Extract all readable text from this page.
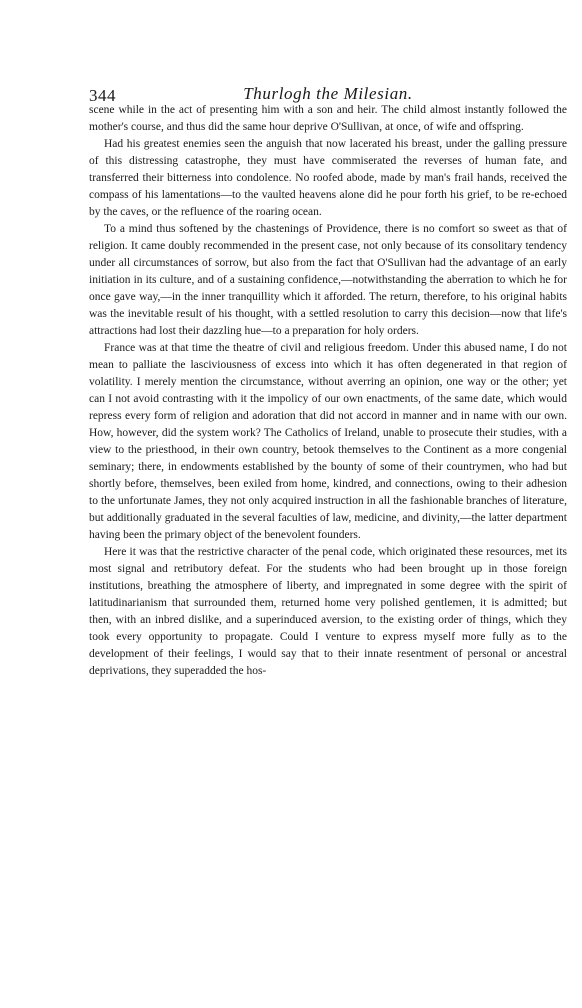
344	Thurlogh the Milesian.

scene while in the act of presenting him with a son and heir. The child almost instantly followed the mother's course, and thus did the same hour deprive O'Sullivan, at once, of wife and offspring.

Had his greatest enemies seen the anguish that now lacerated his breast, under the galling pressure of this distressing catastrophe, they must have commiserated the reverses of human fate, and transferred their bitterness into condolence. No roofed abode, made by man's frail hands, received the compass of his lamentations—to the vaulted heavens alone did he pour forth his grief, to be re-echoed by the caves, or the refluence of the roaring ocean.

To a mind thus softened by the chastenings of Providence, there is no comfort so sweet as that of religion. It came doubly recommended in the present case, not only because of its consolitary tendency under all circumstances of sorrow, but also from the fact that O'Sullivan had the advantage of an early initiation in its culture, and of a sustaining confidence,—notwithstanding the aberration to which he for once gave way,—in the inner tranquillity which it afforded. The return, therefore, to his original habits was the inevitable result of his thought, with a settled resolution to carry this decision—now that life's attractions had lost their dazzling hue—to a preparation for holy orders.

France was at that time the theatre of civil and religious freedom. Under this abused name, I do not mean to palliate the lasciviousness of excess into which it has often degenerated in that region of volatility. I merely mention the circumstance, without averring an opinion, one way or the other; yet can I not avoid contrasting with it the impolicy of our own enactments, of the same date, which would repress every form of religion and adoration that did not accord in manner and in name with our own. How, however, did the system work? The Catholics of Ireland, unable to prosecute their studies, with a view to the priesthood, in their own country, betook themselves to the Continent as a more congenial seminary; there, in endowments established by the bounty of some of their countrymen, who had but shortly before, themselves, been exiled from home, kindred, and connections, owing to their adhesion to the unfortunate James, they not only acquired instruction in all the fashionable branches of literature, but additionally graduated in the several faculties of law, medicine, and divinity,—the latter department having been the primary object of the benevolent founders.

Here it was that the restrictive character of the penal code, which originated these resources, met its most signal and retributory defeat. For the students who had been brought up in those foreign institutions, breathing the atmosphere of liberty, and impregnated in some degree with the spirit of latitudinarianism that surrounded them, returned home very polished gentlemen, it is admitted; but then, with an inbred dislike, and a superinduced aversion, to the existing order of things, which they took every opportunity to propagate. Could I venture to express myself more fully as to the development of their feelings, I would say that to their innate resentment of personal or ancestral deprivations, they superadded the hos-
